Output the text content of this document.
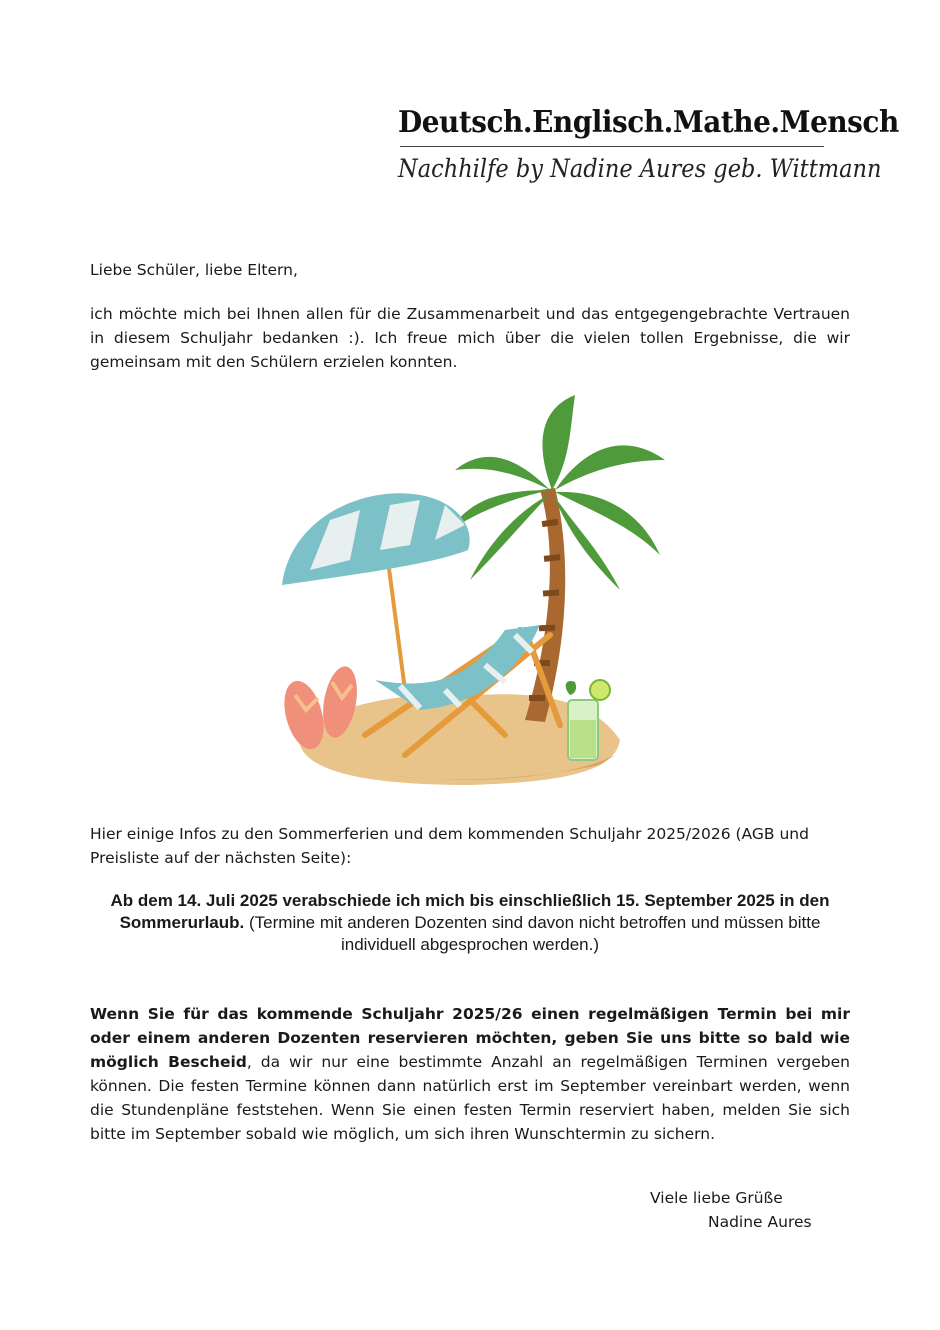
Deutsch.Englisch.Mathe.Mensch
Nachhilfe by Nadine Aures geb. Wittmann
Liebe Schüler, liebe Eltern,
ich möchte mich bei Ihnen allen für die Zusammenarbeit und das entgegengebrachte Vertrauen in diesem Schuljahr bedanken :). Ich freue mich über die vielen tollen Ergebnisse, die wir gemeinsam mit den Schülern erzielen konnten.
Hier einige Infos zu den Sommerferien und dem kommenden Schuljahr 2025/2026 (AGB und Preisliste auf der nächsten Seite):
Ab dem 14. Juli 2025 verabschiede ich mich bis einschließlich 15. September 2025 in den Sommerurlaub. (Termine mit anderen Dozenten sind davon nicht betroffen und müssen bitte individuell abgesprochen werden.)
Wenn Sie für das kommende Schuljahr 2025/26 einen regelmäßigen Termin bei mir oder einem anderen Dozenten reservieren möchten, geben Sie uns bitte so bald wie möglich Bescheid, da wir nur eine bestimmte Anzahl an regelmäßigen Terminen vergeben können. Die festen Termine können dann natürlich erst im September vereinbart werden, wenn die Stundenpläne feststehen. Wenn Sie einen festen Termin reserviert haben, melden Sie sich bitte im September sobald wie möglich, um sich ihren Wunschtermin zu sichern.
Viele liebe Grüße
Nadine Aures
